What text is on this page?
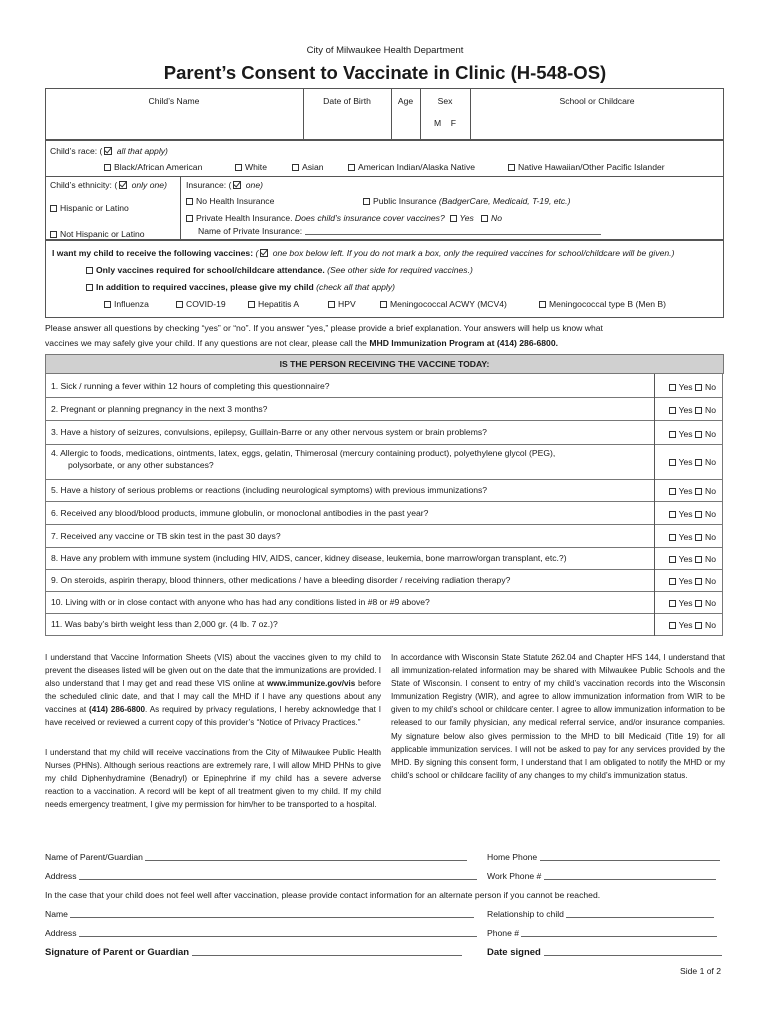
City of Milwaukee Health Department
Parent’s Consent to Vaccinate in Clinic (H-548-OS)
Child’s Name	Date of Birth	Age	Sex	School or Childcare
M    F
Child’s race: ( all that apply)
Black/African American	White	Asian	American Indian/Alaska Native	Native Hawaiian/Other Pacific Islander
Child’s ethnicity: ( only one)
Hispanic or Latino
Not Hispanic or Latino
Insurance: ( one)
No Health Insurance	Public Insurance (BadgerCare, Medicaid, T-19, etc.)
Private Health Insurance. Does child’s insurance cover vaccines? Yes No
Name of Private Insurance:
I want my child to receive the following vaccines: ( one box below left. If you do not mark a box, only the required vaccines for school/childcare will be given.)
Only vaccines required for school/childcare attendance. (See other side for required vaccines.)
In addition to required vaccines, please give my child (check all that apply)
Influenza	COVID-19	Hepatitis A	HPV	Meningococcal ACWY (MCV4)	Meningococcal type B (Men B)
Please answer all questions by checking “yes” or “no”. If you answer “yes,” please provide a brief explanation. Your answers will help us know what
vaccines we may safely give your child. If any questions are not clear, please call the MHD Immunization Program at (414) 286-6800.
IS THE PERSON RECEIVING THE VACCINE TODAY:
1. Sick / running a fever within 12 hours of completing this questionnaire?	Yes No
2. Pregnant or planning pregnancy in the next 3 months?	Yes No
3. Have a history of seizures, convulsions, epilepsy, Guillain-Barre or any other nervous system or brain problems?	Yes No
4. Allergic to foods, medications, ointments, latex, eggs, gelatin, Thimerosal (mercury containing product), polyethylene glycol (PEG),
polysorbate, or any other substances?	Yes No
5. Have a history of serious problems or reactions (including neurological symptoms) with previous immunizations?	Yes No
6. Received any blood/blood products, immune globulin, or monoclonal antibodies in the past year?	Yes No
7. Received any vaccine or TB skin test in the past 30 days?	Yes No
8. Have any problem with immune system (including HIV, AIDS, cancer, kidney disease, leukemia, bone marrow/organ transplant, etc.?)	Yes No
9. On steroids, aspirin therapy, blood thinners, other medications / have a bleeding disorder / receiving radiation therapy?	Yes No
10. Living with or in close contact with anyone who has had any conditions listed in #8 or #9 above?	Yes No
11. Was baby’s birth weight less than 2,000 gr. (4 lb. 7 oz.)?	Yes No
I understand that Vaccine Information Sheets (VIS) about the vaccines given to my child to prevent the diseases listed will be given out on the date that the immunizations are provided. I also understand that I may get and read these VIS online at www.immunize.gov/vis before the scheduled clinic date, and that I may call the MHD if I have any questions about any vaccines at (414) 286-6800. As required by privacy regulations, I hereby acknowledge that I have received or reviewed a current copy of this provider’s “Notice of Privacy Practices.”
I understand that my child will receive vaccinations from the City of Milwaukee Public Health Nurses (PHNs). Although serious reactions are extremely rare, I will allow MHD PHNs to give my child Diphenhydramine (Benadryl) or Epinephrine if my child has a severe adverse reaction to a vaccination. A record will be kept of all treatment given to my child. If my child needs emergency treatment, I give my permission for him/her to be transported to a hospital.
In accordance with Wisconsin State Statute 262.04 and Chapter HFS 144, I understand that all immunization-related information may be shared with Milwaukee Public Schools and the State of Wisconsin. I consent to entry of my child’s vaccination records into the Wisconsin Immunization Registry (WIR), and agree to allow immunization information from WIR to be given to my child’s school or childcare center. I agree to allow immunization information to be released to our family physician, any medical referral service, and/or insurance companies. My signature below also gives permission to the MHD to bill Medicaid (Title 19) for all applicable immunization services. I will not be asked to pay for any services provided by the MHD. By signing this consent form, I understand that I am obligated to notify the MHD or my child’s school or childcare facility of any changes to my child’s immunization status.
Name of Parent/Guardian	Home Phone
Address	Work Phone #
In the case that your child does not feel well after vaccination, please provide contact information for an alternate person if you cannot be reached.
Name	Relationship to child
Address	Phone #
Signature of Parent or Guardian	Date signed
Side 1 of 2
